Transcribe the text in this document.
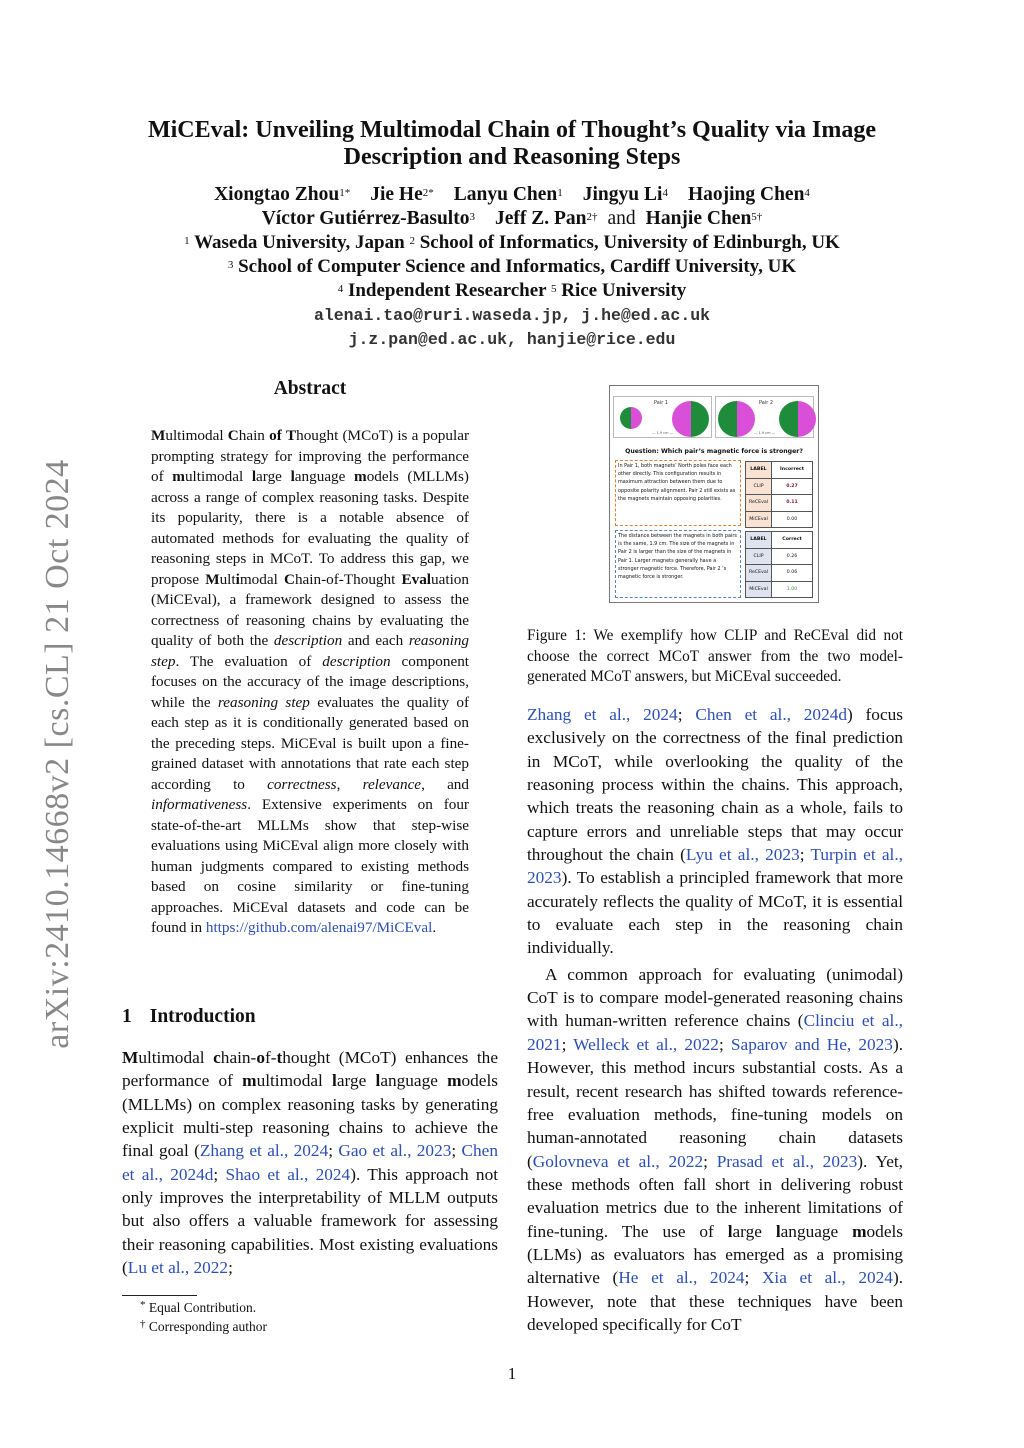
arXiv:2410.14668v2 [cs.CL] 21 Oct 2024
MiCEval: Unveiling Multimodal Chain of Thought’s Quality via Image
Description and Reasoning Steps
Xiongtao Zhou$^{1*}$ Jie $He^{2*}$ Lanyu Chen$^1$ Jingyu Li$^4$ Haojing Chen$^4$
Víctor Gutiérrez-Basulto$^3$ Jeff Z. Pan$^{2\dagger}$ and Hanjie Chen$^{5\dagger}$
$^1$ Waseda University, Japan $^2$ School of Informatics, University of Edinburgh, UK
$^3$ School of Computer Science and Informatics, Cardiff University, UK
$^4$ Independent Researcher $^5$ Rice University
alenai.tao@ruri.waseda.jp, j.he@ed.ac.uk
j.z.pan@ed.ac.uk, hanjie@rice.edu
Abstract
Multimodal Chain of Thought (MCoT) is a popular prompting strategy for improving the performance of multimodal large language models (MLLMs) across a range of complex reasoning tasks. Despite its popularity, there is a notable absence of automated methods for evaluating the quality of reasoning steps in MCoT. To address this gap, we propose Multimodal Chain-of-Thought Evaluation (MiCEval), a framework designed to assess the correctness of reasoning chains by evaluating the quality of both the description and each reasoning step. The evaluation of description component focuses on the accuracy of the image descriptions, while the reasoning step evaluates the quality of each step as it is conditionally generated based on the preceding steps. MiCEval is built upon a fine-grained dataset with annotations that rate each step according to correctness, relevance, and informativeness. Extensive experiments on four state-of-the-art MLLMs show that step-wise evaluations using MiCEval align more closely with human judgments compared to existing methods based on cosine similarity or fine-tuning approaches. MiCEval datasets and code can be found in https://github.com/alenai97/MiCEval.
1 Introduction
Multimodal chain-of-thought (MCoT) enhances the performance of multimodal large language models (MLLMs) on complex reasoning tasks by generating explicit multi-step reasoning chains to achieve the final goal (Zhang et al., 2024; Gao et al., 2023; Chen et al., 2024d; Shao et al., 2024). This approach not only improves the interpretability of MLLM outputs but also offers a valuable framework for assessing their reasoning capabilities. Most existing evaluations (Lu et al., 2022;
* Equal Contribution.
† Corresponding author
Pair 1
— 1.9 cm —
Pair 2
— 1.9 cm —
Question: Which pair’s magnetic force is stronger?
In Pair 1, both magnets’ North poles face each other directly. This configuration results in maximum attraction between them due to opposite polarity alignment. Pair 2 still exists as the magnets maintain opposing polarities.
LABEL	Incorrect
CLIP	0.27
ReCEval	0.11
MiCEval	0.00
The distance between the magnets in both pairs is the same, 1.9 cm. The size of the magnets in Pair 2 is larger than the size of the magnets in Pair 1. Larger magnets generally have a stronger magnetic force. Therefore, Pair 2 ’s magnetic force is stronger.
LABEL	Correct
CLIP	0.26
ReCEval	0.06
MiCEval	1.00
Figure 1: We exemplify how CLIP and ReCEval did not choose the correct MCoT answer from the two model-generated MCoT answers, but MiCEval succeeded.

Zhang et al., 2024; Chen et al., 2024d) focus exclusively on the correctness of the final prediction in MCoT, while overlooking the quality of the reasoning process within the chains. This approach, which treats the reasoning chain as a whole, fails to capture errors and unreliable steps that may occur throughout the chain (Lyu et al., 2023; Turpin et al., 2023). To establish a principled framework that more accurately reflects the quality of MCoT, it is essential to evaluate each step in the reasoning chain individually.

A common approach for evaluating (unimodal) CoT is to compare model-generated reasoning chains with human-written reference chains (Clinciu et al., 2021; Welleck et al., 2022; Saparov and He, 2023). However, this method incurs substantial costs. As a result, recent research has shifted towards reference-free evaluation methods, fine-tuning models on human-annotated reasoning chain datasets (Golovneva et al., 2022; Prasad et al., 2023). Yet, these methods often fall short in delivering robust evaluation metrics due to the inherent limitations of fine-tuning. The use of large language models (LLMs) as evaluators has emerged as a promising alternative (He et al., 2024; Xia et al., 2024). However, note that these techniques have been developed specifically for CoT

1
